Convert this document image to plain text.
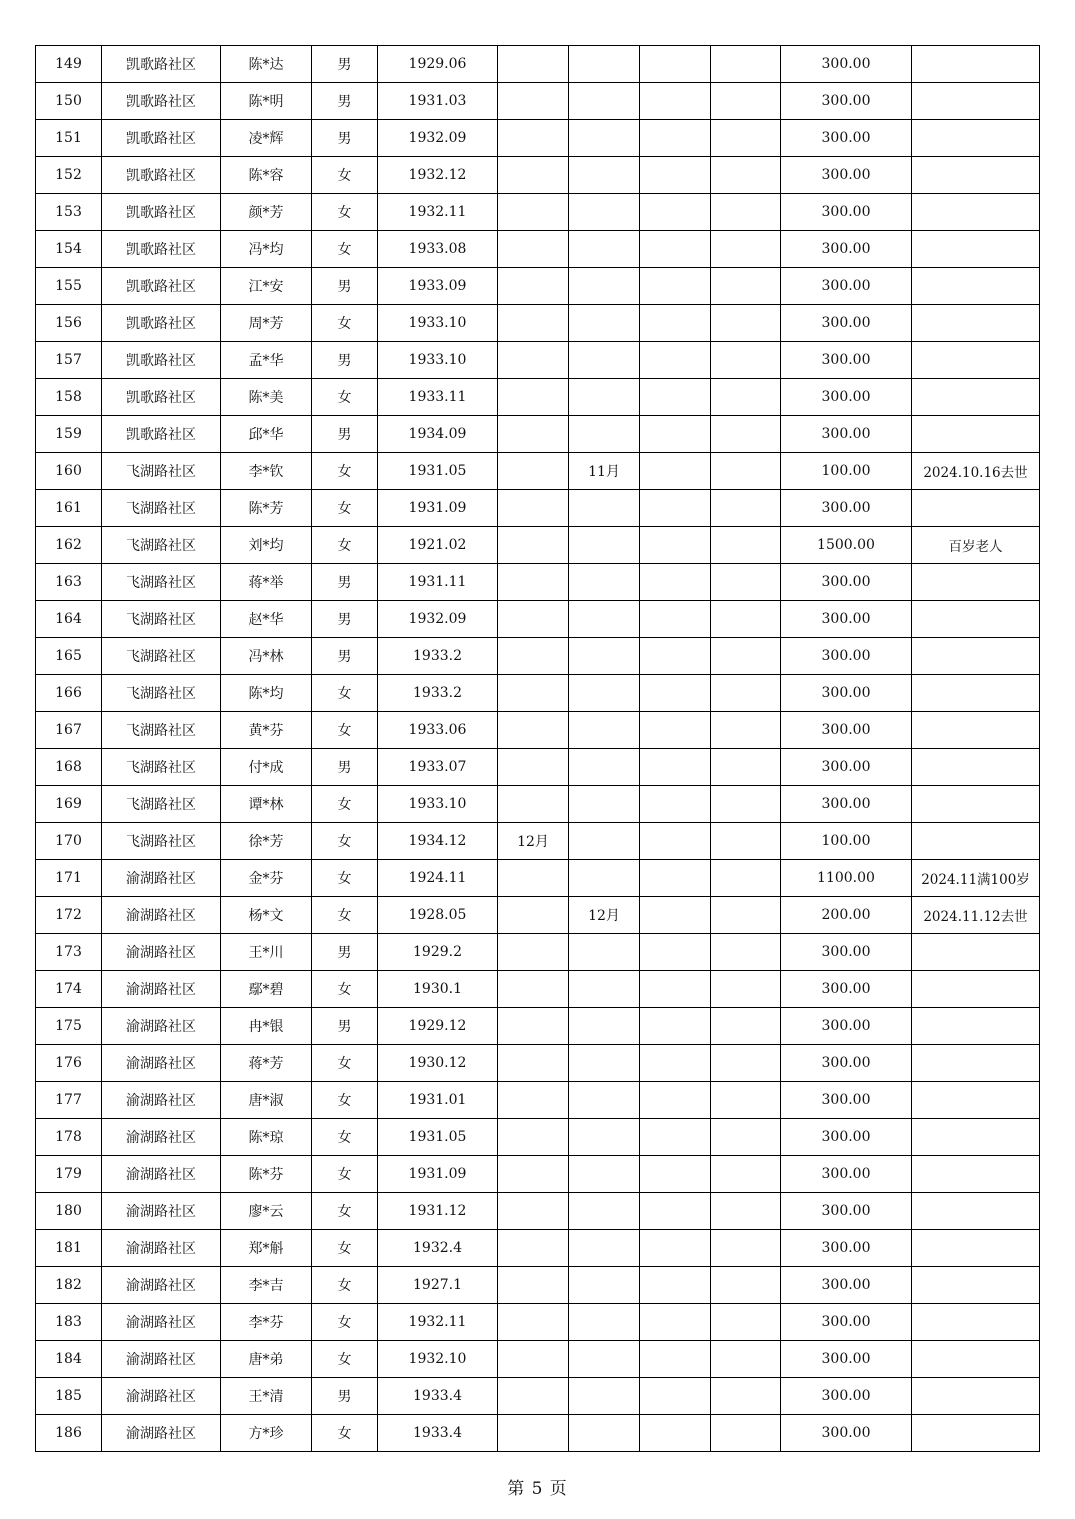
149	凯歌路社区	陈*达	男	1929.06					300.00	
150	凯歌路社区	陈*明	男	1931.03					300.00	
151	凯歌路社区	凌*辉	男	1932.09					300.00	
152	凯歌路社区	陈*容	女	1932.12					300.00	
153	凯歌路社区	颜*芳	女	1932.11					300.00	
154	凯歌路社区	冯*均	女	1933.08					300.00	
155	凯歌路社区	江*安	男	1933.09					300.00	
156	凯歌路社区	周*芳	女	1933.10					300.00	
157	凯歌路社区	孟*华	男	1933.10					300.00	
158	凯歌路社区	陈*美	女	1933.11					300.00	
159	凯歌路社区	邱*华	男	1934.09					300.00	
160	飞湖路社区	李*钦	女	1931.05		11月			100.00	2024.10.16去世
161	飞湖路社区	陈*芳	女	1931.09					300.00	
162	飞湖路社区	刘*均	女	1921.02					1500.00	百岁老人
163	飞湖路社区	蒋*举	男	1931.11					300.00	
164	飞湖路社区	赵*华	男	1932.09					300.00	
165	飞湖路社区	冯*林	男	1933.2					300.00	
166	飞湖路社区	陈*均	女	1933.2					300.00	
167	飞湖路社区	黄*芬	女	1933.06					300.00	
168	飞湖路社区	付*成	男	1933.07					300.00	
169	飞湖路社区	谭*林	女	1933.10					300.00	
170	飞湖路社区	徐*芳	女	1934.12	12月				100.00	
171	渝湖路社区	金*芬	女	1924.11					1100.00	2024.11满100岁
172	渝湖路社区	杨*文	女	1928.05		12月			200.00	2024.11.12去世
173	渝湖路社区	王*川	男	1929.2					300.00	
174	渝湖路社区	鄢*碧	女	1930.1					300.00	
175	渝湖路社区	冉*银	男	1929.12					300.00	
176	渝湖路社区	蒋*芳	女	1930.12					300.00	
177	渝湖路社区	唐*淑	女	1931.01					300.00	
178	渝湖路社区	陈*琼	女	1931.05					300.00	
179	渝湖路社区	陈*芬	女	1931.09					300.00	
180	渝湖路社区	廖*云	女	1931.12					300.00	
181	渝湖路社区	郑*斛	女	1932.4					300.00	
182	渝湖路社区	李*吉	女	1927.1					300.00	
183	渝湖路社区	李*芬	女	1932.11					300.00	
184	渝湖路社区	唐*弟	女	1932.10					300.00	
185	渝湖路社区	王*清	男	1933.4					300.00	
186	渝湖路社区	方*珍	女	1933.4					300.00	
第 5 页
